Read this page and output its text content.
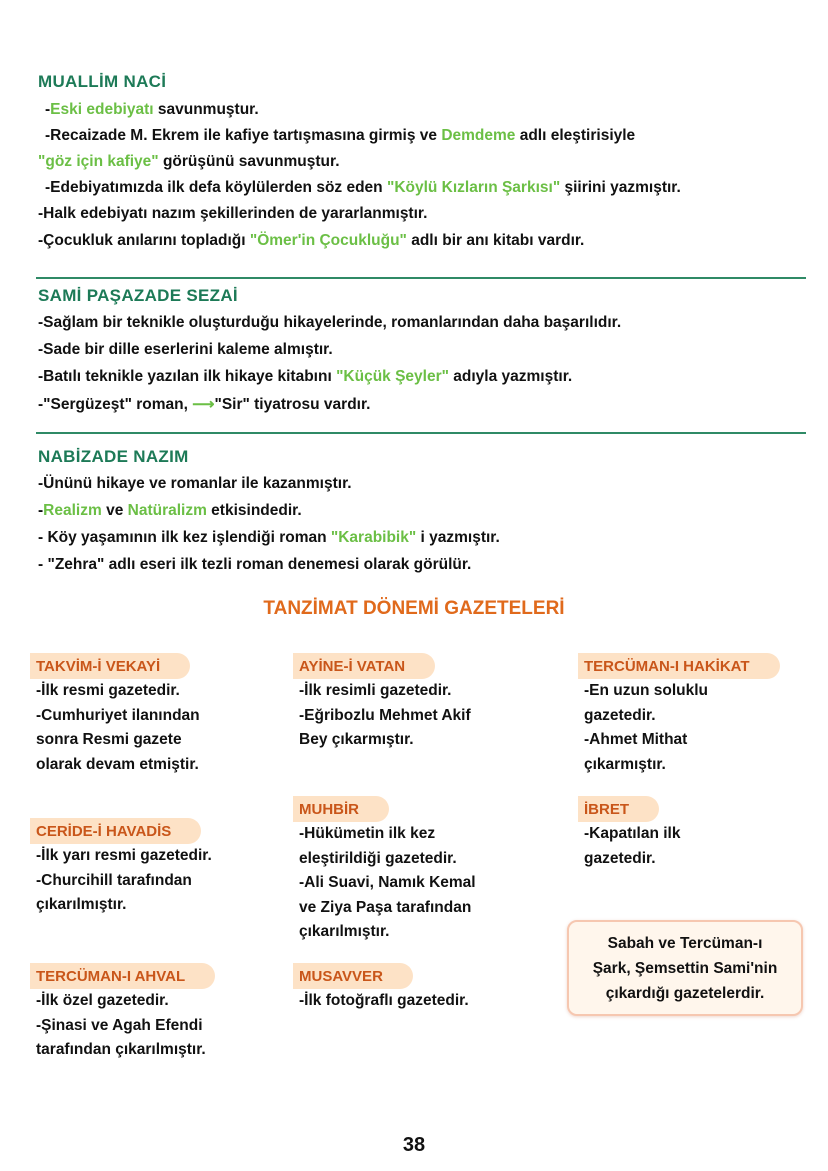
MUALLİM NACİ
-Eski edebiyatı savunmuştur.
-Recaizade M. Ekrem ile kafiye tartışmasına girmiş ve Demdeme adlı eleştirisiyle
"göz için kafiye" görüşünü savunmuştur.
-Edebiyatımızda ilk defa köylülerden söz eden "Köylü Kızların Şarkısı" şiirini yazmıştır.
-Halk edebiyatı nazım şekillerinden de yararlanmıştır.
-Çocukluk anılarını topladığı "Ömer'in Çocukluğu" adlı bir anı kitabı vardır.
SAMİ PAŞAZADE SEZAİ
-Sağlam bir teknikle oluşturduğu hikayelerinde, romanlarından daha başarılıdır.
-Sade bir dille eserlerini kaleme almıştır.
-Batılı teknikle yazılan ilk hikaye kitabını "Küçük Şeyler" adıyla yazmıştır.
-"Sergüzeşt" roman, ⟶"Sir" tiyatrosu vardır.
NABİZADE NAZIM
-Ününü hikaye ve romanlar ile kazanmıştır.
-Realizm ve Natüralizm etkisindedir.
- Köy yaşamının ilk kez işlendiği roman "Karabibik" i yazmıştır.
- "Zehra" adlı eseri ilk tezli roman denemesi olarak görülür.
TANZİMAT DÖNEMİ GAZETELERİ
TAKVİM-İ VEKAYİ
-İlk resmi gazetedir.
-Cumhuriyet ilanından
sonra Resmi gazete
olarak devam etmiştir.
AYİNE-İ VATAN
-İlk resimli gazetedir.
-Eğribozlu Mehmet Akif
Bey çıkarmıştır.
TERCÜMAN-I HAKİKAT
-En uzun soluklu
gazetedir.
-Ahmet Mithat
çıkarmıştır.
CERİDE-İ HAVADİS
-İlk yarı resmi gazetedir.
-Churcihill tarafından
çıkarılmıştır.
MUHBİR
-Hükümetin ilk kez
eleştirildiği gazetedir.
-Ali Suavi, Namık Kemal
ve Ziya Paşa tarafından
çıkarılmıştır.
İBRET
-Kapatılan ilk
gazetedir.
TERCÜMAN-I AHVAL
-İlk özel gazetedir.
-Şinasi ve Agah Efendi
tarafından çıkarılmıştır.
MUSAVVER
-İlk fotoğraflı gazetedir.
Sabah ve Tercüman-ı
Şark, Şemsettin Sami'nin
çıkardığı gazetelerdir.
38
